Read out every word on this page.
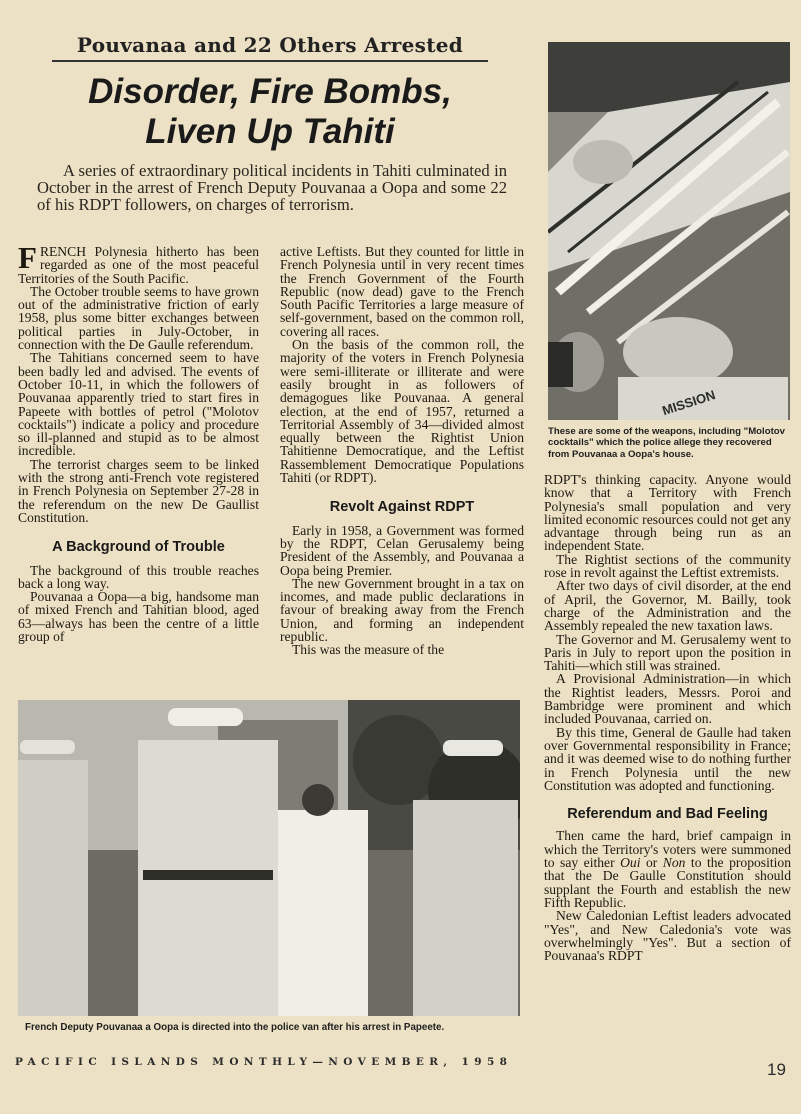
Pouvanaa and 22 Others Arrested
Disorder, Fire Bombs,
Liven Up Tahiti
A series of extraordinary political incidents in Tahiti culminated in October in the arrest of French Deputy Pouvanaa a Oopa and some 22 of his RDPT followers, on charges of terrorism.

FRENCH Polynesia hitherto has been regarded as one of the most peaceful Territories of the South Pacific.

The October trouble seems to have grown out of the administrative friction of early 1958, plus some bitter exchanges between political parties in July-October, in connection with the De Gaulle referendum.

The Tahitians concerned seem to have been badly led and advised. The events of October 10-11, in which the followers of Pouvanaa apparently tried to start fires in Papeete with bottles of petrol ("Molotov cocktails") indicate a policy and procedure so ill-planned and stupid as to be almost incredible.

The terrorist charges seem to be linked with the strong anti-French vote registered in French Polynesia on September 27-28 in the referendum on the new De Gaullist Constitution.

A Background of Trouble

The background of this trouble reaches back a long way.

Pouvanaa a Oopa—a big, handsome man of mixed French and Tahitian blood, aged 63—always has been the centre of a little group of

active Leftists. But they counted for little in French Polynesia until in very recent times the French Government of the Fourth Republic (now dead) gave to the French South Pacific Territories a large measure of self-government, based on the common roll, covering all races.

On the basis of the common roll, the majority of the voters in French Polynesia were semi-illiterate or illiterate and were easily brought in as followers of demagogues like Pouvanaa. A general election, at the end of 1957, returned a Territorial Assembly of 34—divided almost equally between the Rightist Union Tahitienne Democratique, and the Leftist Rassemblement Democratique Populations Tahiti (or RDPT).

Revolt Against RDPT

Early in 1958, a Government was formed by the RDPT, Celan Gerusalemy being President of the Assembly, and Pouvanaa a Oopa being Premier.

The new Government brought in a tax on incomes, and made public declarations in favour of breaking away from the French Union, and forming an independent republic.

This was the measure of the

MISSION
These are some of the weapons, including "Molotov cocktails" which the police allege they recovered from Pouvanaa a Oopa's house.

RDPT's thinking capacity. Anyone would know that a Territory with French Polynesia's small population and very limited economic resources could not get any advantage through being run as an independent State.

The Rightist sections of the community rose in revolt against the Leftist extremists.

After two days of civil disorder, at the end of April, the Governor, M. Bailly, took charge of the Administration and the Assembly repealed the new taxation laws.

The Governor and M. Gerusalemy went to Paris in July to report upon the position in Tahiti—which still was strained.

A Provisional Administration—in which the Rightist leaders, Messrs. Poroi and Bambridge were prominent and which included Pouvanaa, carried on.

By this time, General de Gaulle had taken over Governmental responsibility in France; and it was deemed wise to do nothing further in French Polynesia until the new Constitution was adopted and functioning.

Referendum and Bad Feeling

Then came the hard, brief campaign in which the Territory's voters were summoned to say either Oui or Non to the proposition that the De Gaulle Constitution should supplant the Fourth and establish the new Fifth Republic.

New Caledonian Leftist leaders advocated "Yes", and New Caledonia's vote was overwhelmingly "Yes". But a section of Pouvanaa's RDPT

French Deputy Pouvanaa a Oopa is directed into the police van after his arrest in Papeete.
PACIFIC ISLANDS MONTHLY—NOVEMBER, 1958	19
